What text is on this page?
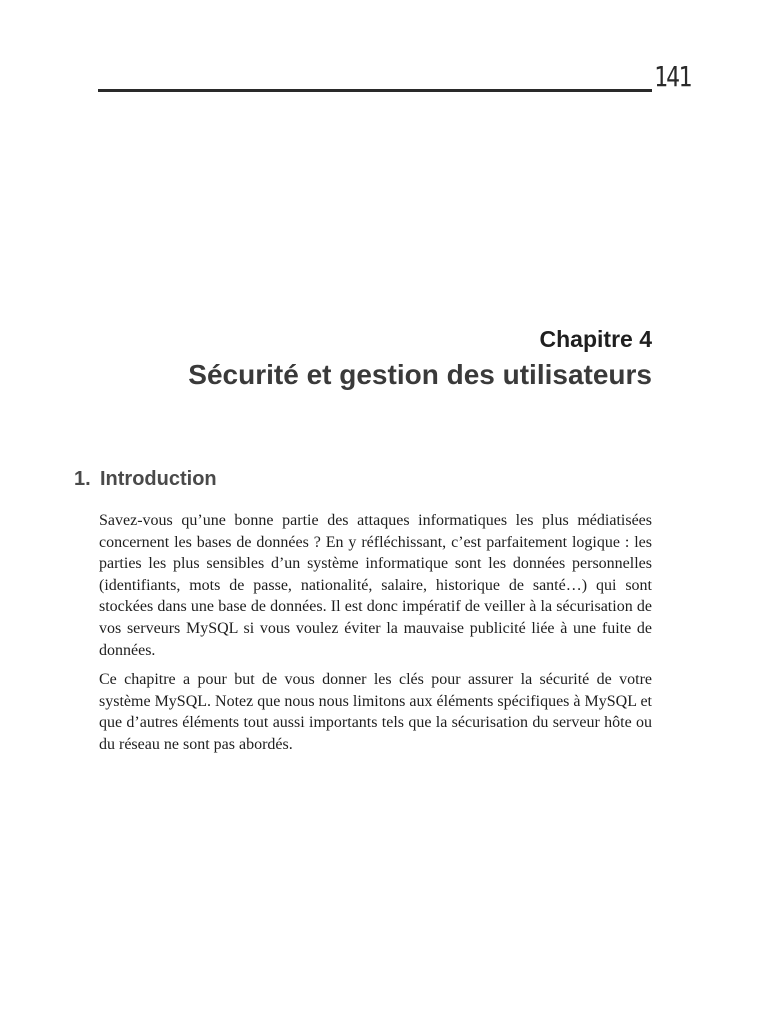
141
Chapitre 4
Sécurité et gestion des utilisateurs
1. Introduction

Savez-vous qu’une bonne partie des attaques informatiques les plus médiatisées concernent les bases de données ? En y réfléchissant, c’est parfaitement logique : les parties les plus sensibles d’un système informatique sont les données personnelles (identifiants, mots de passe, nationalité, salaire, historique de santé…) qui sont stockées dans une base de données. Il est donc impératif de veiller à la sécurisation de vos serveurs MySQL si vous voulez éviter la mauvaise publicité liée à une fuite de données.

Ce chapitre a pour but de vous donner les clés pour assurer la sécurité de votre système MySQL. Notez que nous nous limitons aux éléments spécifiques à MySQL et que d’autres éléments tout aussi importants tels que la sécurisation du serveur hôte ou du réseau ne sont pas abordés.
